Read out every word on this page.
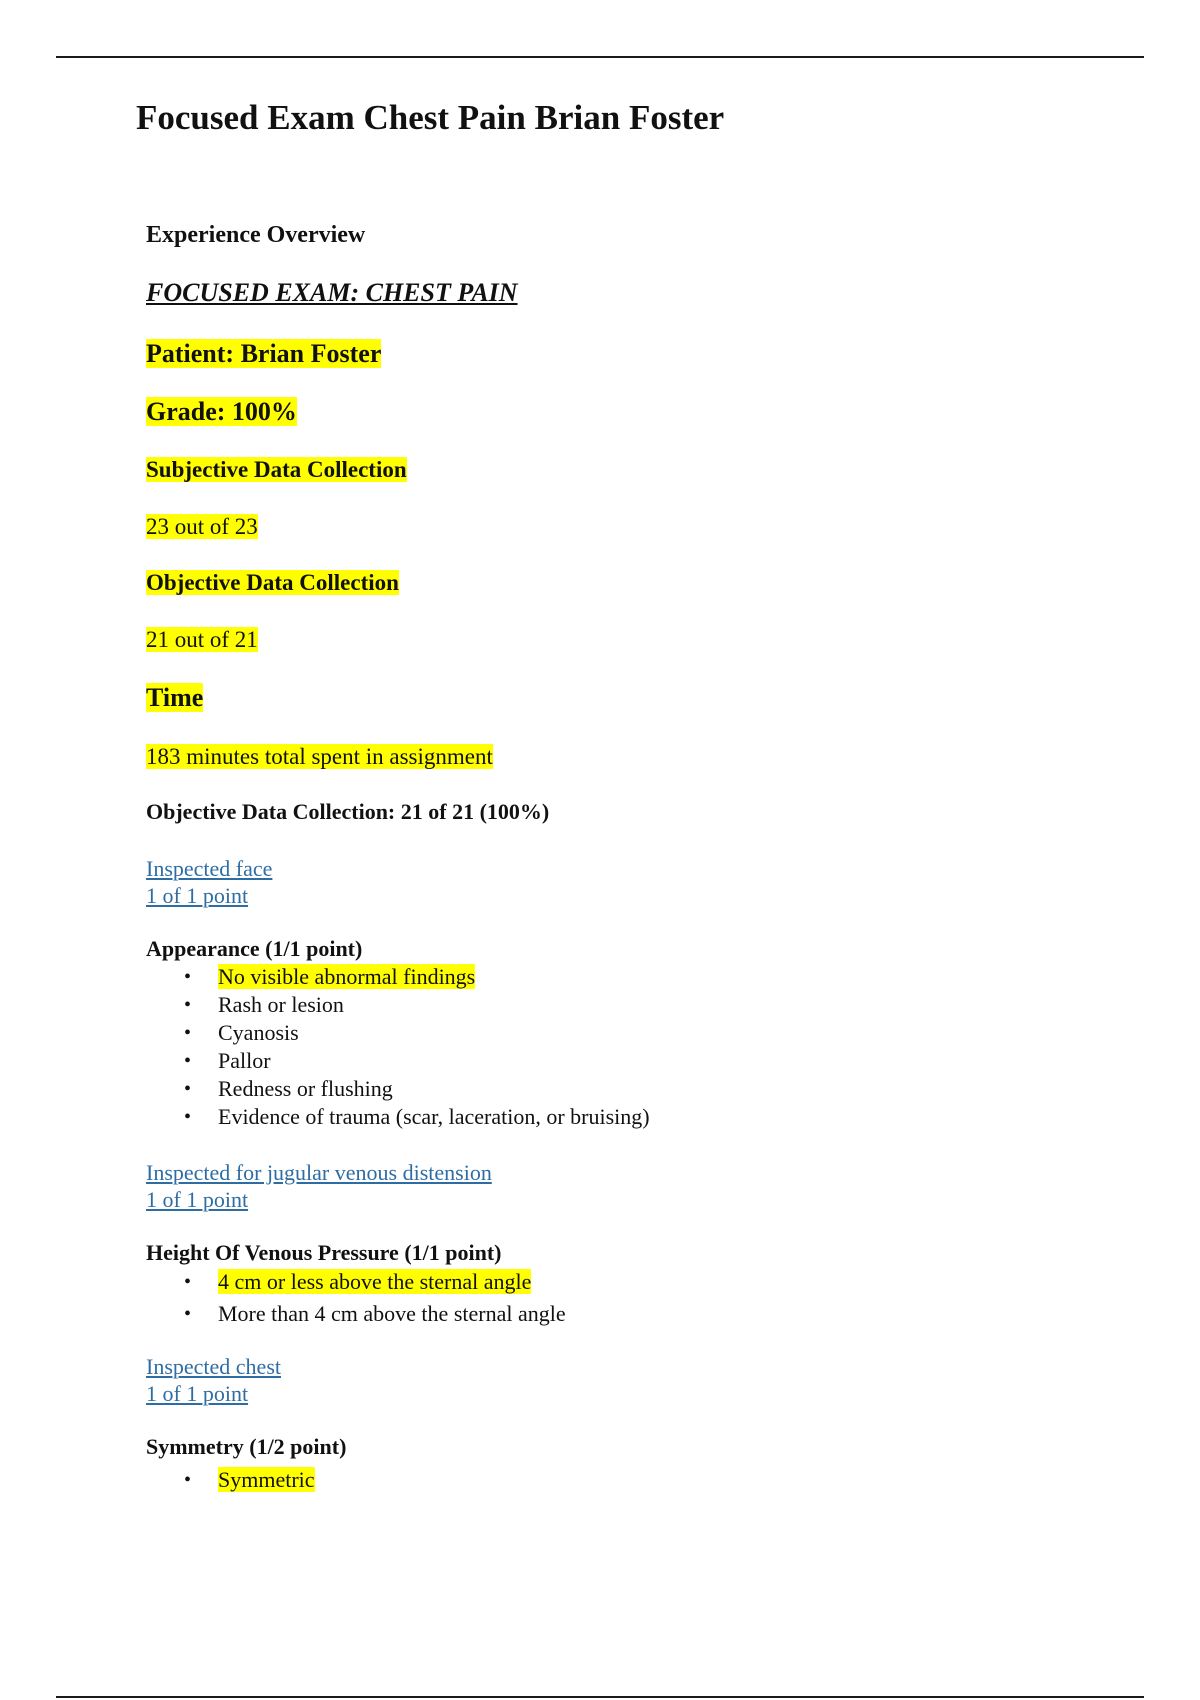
Focused Exam Chest Pain Brian Foster

Experience Overview

FOCUSED EXAM: CHEST PAIN

Patient: Brian Foster

Grade: 100%

Subjective Data Collection

23 out of 23

Objective Data Collection

21 out of 21

Time

183 minutes total spent in assignment

Objective Data Collection: 21 of 21 (100%)

Inspected face
1 of 1 point

Appearance (1/1 point)

• No visible abnormal findings
• Rash or lesion
• Cyanosis
• Pallor
• Redness or flushing
• Evidence of trauma (scar, laceration, or bruising)
Inspected for jugular venous distension
1 of 1 point

Height Of Venous Pressure (1/1 point)

• 4 cm or less above the sternal angle
• More than 4 cm above the sternal angle
Inspected chest
1 of 1 point

Symmetry (1/2 point)

• Symmetric
